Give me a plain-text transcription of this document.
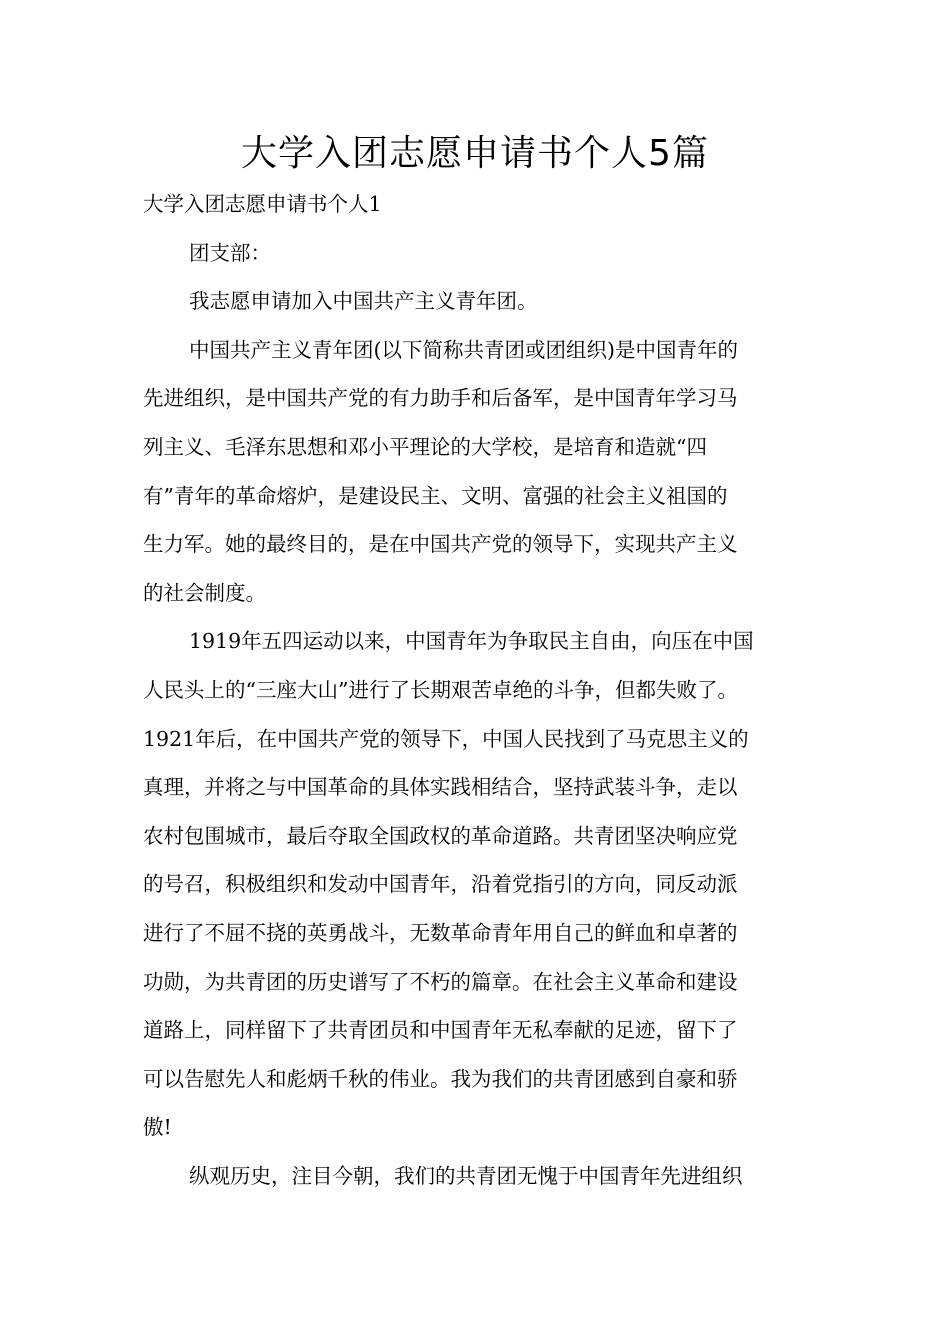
大学入团志愿申请书个人5篇

大学入团志愿申请书个人1

团支部：

我志愿申请加入中国共产主义青年团。

中国共产主义青年团(以下简称共青团或团组织)是中国青年的
先进组织，是中国共产党的有力助手和后备军，是中国青年学习马
列主义、毛泽东思想和邓小平理论的大学校，是培育和造就“四
有”青年的革命熔炉，是建设民主、文明、富强的社会主义祖国的
生力军。她的最终目的，是在中国共产党的领导下，实现共产主义
的社会制度。

1919年五四运动以来，中国青年为争取民主自由，向压在中国
人民头上的“三座大山”进行了长期艰苦卓绝的斗争，但都失败了。
1921年后，在中国共产党的领导下，中国人民找到了马克思主义的
真理，并将之与中国革命的具体实践相结合，坚持武装斗争，走以
农村包围城市，最后夺取全国政权的革命道路。共青团坚决响应党
的号召，积极组织和发动中国青年，沿着党指引的方向，同反动派
进行了不屈不挠的英勇战斗，无数革命青年用自己的鲜血和卓著的
功勋，为共青团的历史谱写了不朽的篇章。在社会主义革命和建设
道路上，同样留下了共青团员和中国青年无私奉献的足迹，留下了
可以告慰先人和彪炳千秋的伟业。我为我们的共青团感到自豪和骄
傲!

纵观历史，注目今朝，我们的共青团无愧于中国青年先进组织
